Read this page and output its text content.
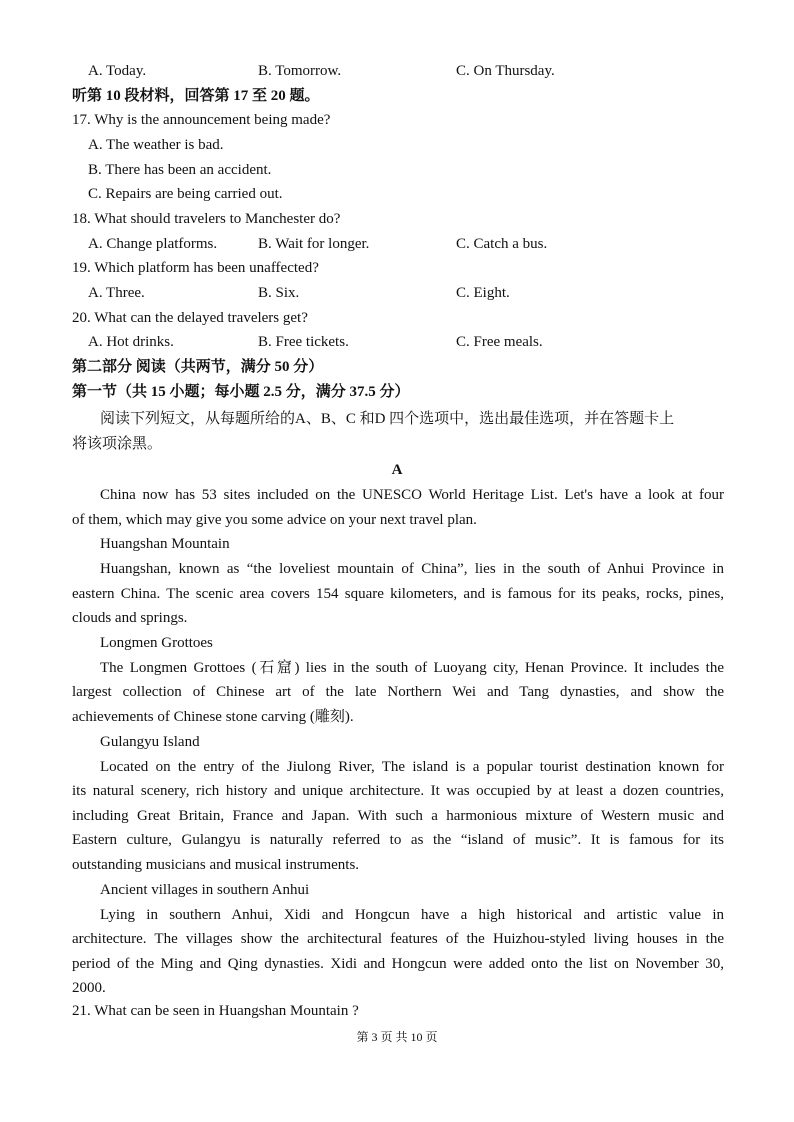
A. Today.	B. Tomorrow.	C. On Thursday.
听第 10 段材料，回答第 17 至 20 题。
17. Why is the announcement being made?
A. The weather is bad.
B. There has been an accident.
C. Repairs are being carried out.
18. What should travelers to Manchester do?
A. Change platforms.	B. Wait for longer.	C. Catch a bus.
19. Which platform has been unaffected?
A. Three.	B. Six.	C. Eight.
20. What can the delayed travelers get?
A. Hot drinks.	B. Free tickets.	C. Free meals.
第二部分 阅读（共两节，满分 50 分）
第一节（共 15 小题；每小题 2.5 分，满分 37.5 分）
阅读下列短文，从每题所给的A、B、C 和D 四个选项中，选出最佳选项，并在答题卡上
将该项涂黑。
A
China now has 53 sites included on the UNESCO World Heritage List. Let's have a look at four
of them, which may give you some advice on your next travel plan.
Huangshan Mountain
Huangshan, known as “the loveliest mountain of China”, lies in the south of Anhui Province in
eastern China. The scenic area covers 154 square kilometers, and is famous for its peaks, rocks, pines,
clouds and springs.
Longmen Grottoes
The Longmen Grottoes (石窟) lies in the south of Luoyang city, Henan Province. It includes the
largest collection of Chinese art of the late Northern Wei and Tang dynasties, and show the
achievements of Chinese stone carving (雕刻).
Gulangyu Island
Located on the entry of the Jiulong River, The island is a popular tourist destination known for
its natural scenery, rich history and unique architecture. It was occupied by at least a dozen countries,
including Great Britain, France and Japan. With such a harmonious mixture of Western music and
Eastern culture, Gulangyu is naturally referred to as the “island of music”. It is famous for its
outstanding musicians and musical instruments.
Ancient villages in southern Anhui
Lying in southern Anhui, Xidi and Hongcun have a high historical and artistic value in
architecture. The villages show the architectural features of the Huizhou-styled living houses in the
period of the Ming and Qing dynasties. Xidi and Hongcun were added onto the list on November 30,
2000.
21. What can be seen in Huangshan Mountain ?
第 3 页 共 10 页
